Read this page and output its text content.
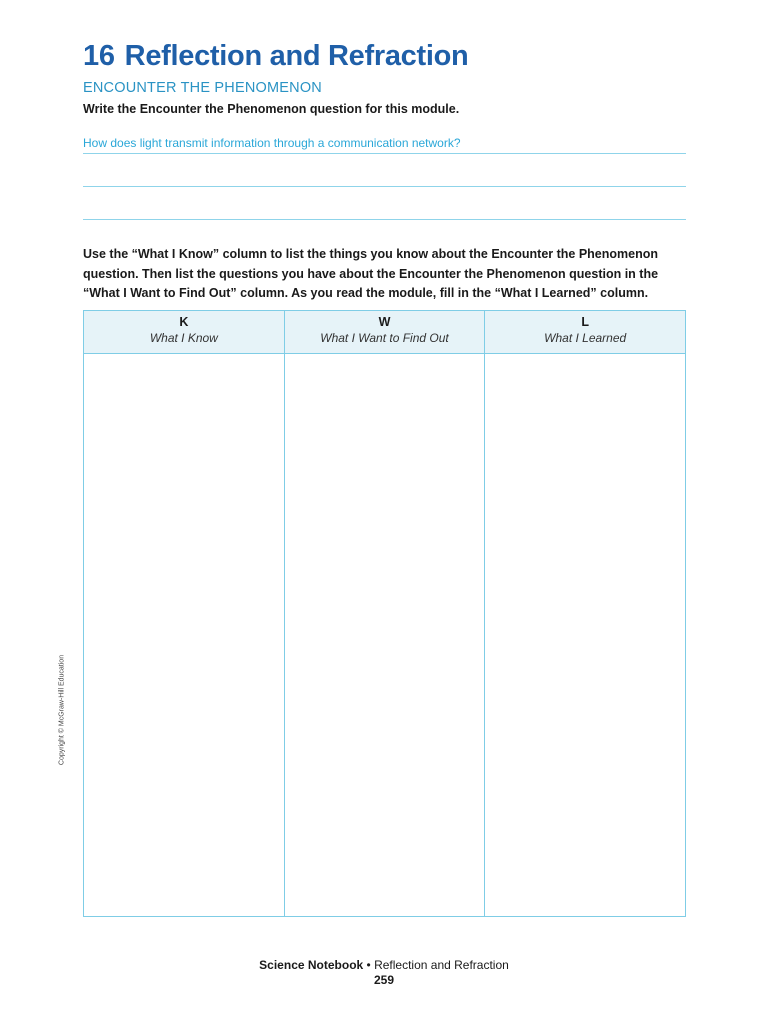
16 Reflection and Refraction
ENCOUNTER THE PHENOMENON
Write the Encounter the Phenomenon question for this module.
How does light transmit information through a communication network?
Use the “What I Know” column to list the things you know about the Encounter the Phenomenon question. Then list the questions you have about the Encounter the Phenomenon question in the “What I Want to Find Out” column. As you read the module, fill in the “What I Learned” column.
K
What I Know
W
What I Want to Find Out
L
What I Learned
Copyright © McGraw-Hill Education
Science Notebook • Reflection and Refraction
259
